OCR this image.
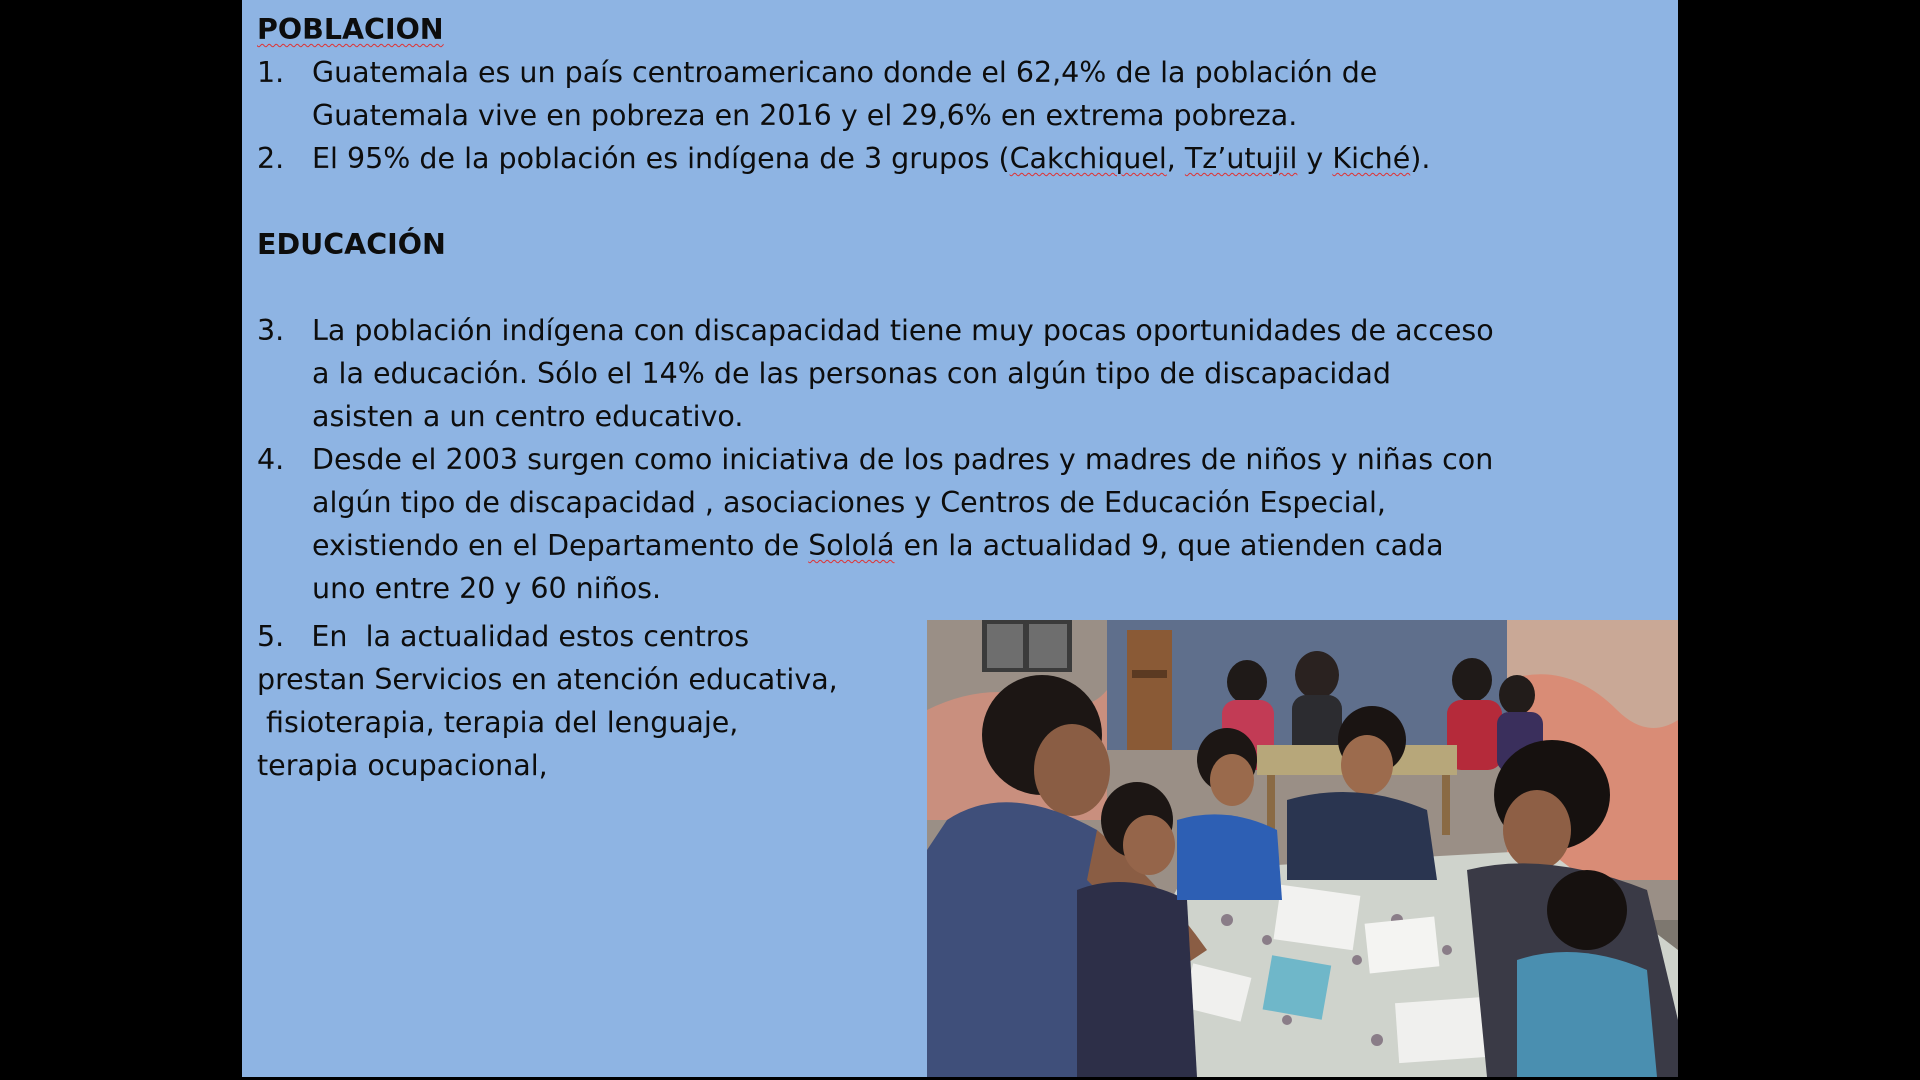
POBLACION

1. Guatemala es un país centroamericano donde el 62,4% de la población de
Guatemala vive en pobreza en 2016 y el 29,6% en extrema pobreza.
2. El 95% de la población es indígena de 3 grupos (Cakchiquel, Tz’utujil y Kiché).

EDUCACIÓN

3. La población indígena con discapacidad tiene muy pocas oportunidades de acceso
a la educación. Sólo el 14% de las personas con algún tipo de discapacidad
asisten a un centro educativo.
4. Desde el 2003 surgen como iniciativa de los padres y madres de niños y niñas con
algún tipo de discapacidad , asociaciones y Centros de Educación Especial,
existiendo en el Departamento de Sololá en la actualidad 9, que atienden cada
uno entre 20 y 60 niños.
5. En  la actualidad estos centros
prestan Servicios en atención educativa,
fisioterapia, terapia del lenguaje,
terapia ocupacional,
